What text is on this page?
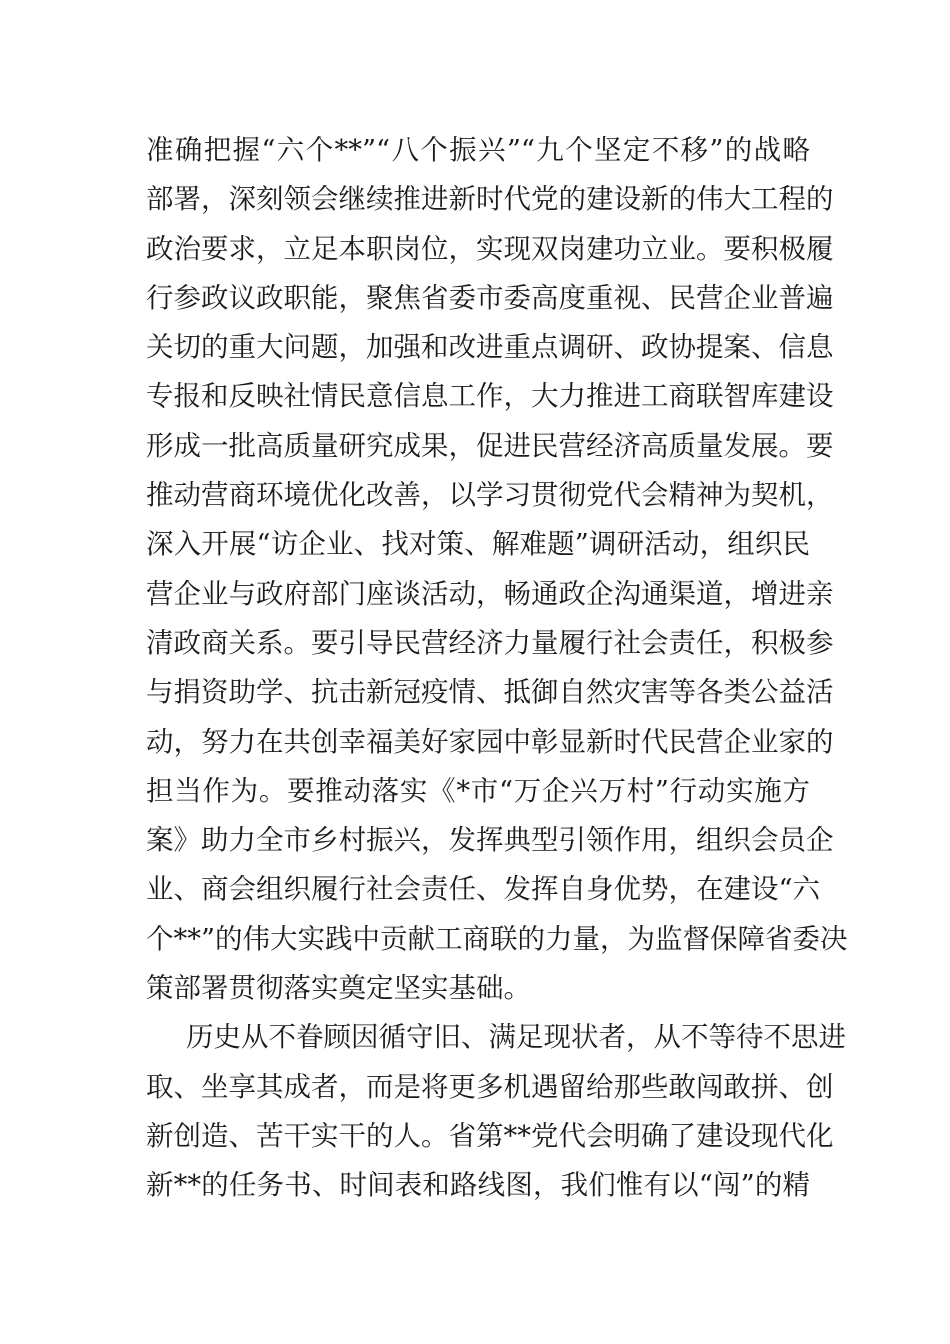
准确把握“六个**”“八个振兴”“九个坚定不移”的战略
部署，深刻领会继续推进新时代党的建设新的伟大工程的
政治要求，立足本职岗位，实现双岗建功立业。要积极履
行参政议政职能，聚焦省委市委高度重视、民营企业普遍
关切的重大问题，加强和改进重点调研、政协提案、信息
专报和反映社情民意信息工作，大力推进工商联智库建设
形成一批高质量研究成果，促进民营经济高质量发展。要
推动营商环境优化改善，以学习贯彻党代会精神为契机，
深入开展“访企业、找对策、解难题”调研活动，组织民
营企业与政府部门座谈活动，畅通政企沟通渠道，增进亲
清政商关系。要引导民营经济力量履行社会责任，积极参
与捐资助学、抗击新冠疫情、抵御自然灾害等各类公益活
动，努力在共创幸福美好家园中彰显新时代民营企业家的
担当作为。要推动落实《*市“万企兴万村”行动实施方
案》助力全市乡村振兴，发挥典型引领作用，组织会员企
业、商会组织履行社会责任、发挥自身优势，在建设“六
个**”的伟大实践中贡献工商联的力量，为监督保障省委决
策部署贯彻落实奠定坚实基础。
历史从不眷顾因循守旧、满足现状者，从不等待不思进
取、坐享其成者，而是将更多机遇留给那些敢闯敢拼、创
新创造、苦干实干的人。省第**党代会明确了建设现代化
新**的任务书、时间表和路线图，我们惟有以“闯”的精
